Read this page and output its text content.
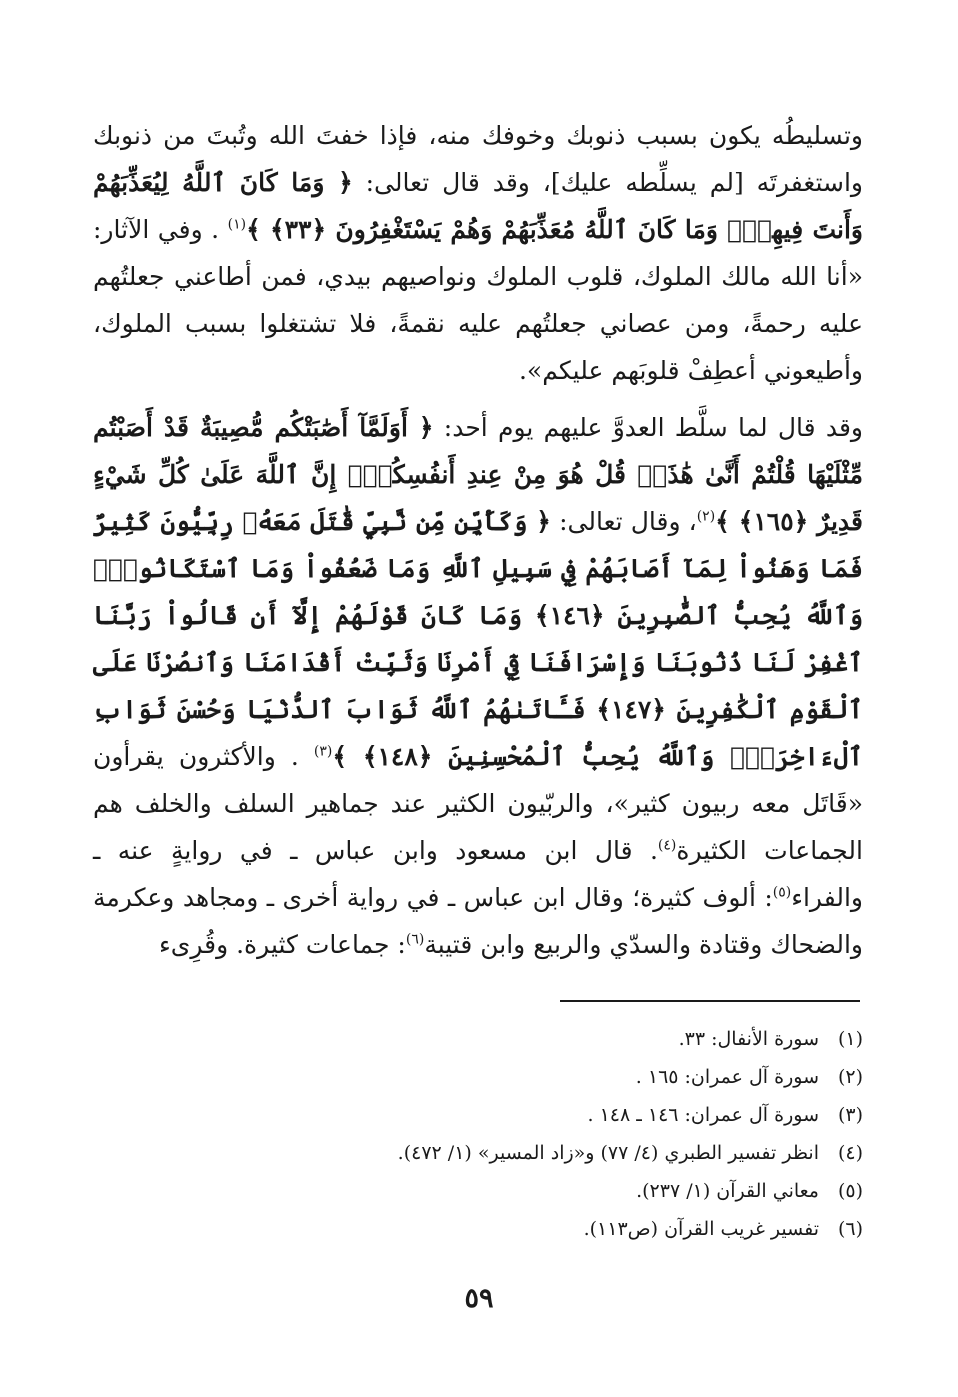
وتسليطُه يكون بسبب ذنوبك وخوفك منه، فإذا خفتَ الله وتُبتَ من ذنوبك واستغفرتَه [لم يسلِّطه عليك]، وقد قال تعالى: ﴿ وَمَا كَانَ ٱللَّهُ لِيُعَذِّبَهُمْ وَأَنتَ فِيهِمْۚ وَمَا كَانَ ٱللَّهُ مُعَذِّبَهُمْ وَهُمْ يَسْتَغْفِرُونَ ﴿٣٣﴾ ﴾$^{(١)}$ . وفي الآثار: «أنا الله مالك الملوك، قلوب الملوك ونواصيهم بيدي، فمن أطاعني جعلتُهم عليه رحمةً، ومن عصاني جعلتُهم عليه نقمةً، فلا تشتغلوا بسبب الملوك، وأطيعوني أعطِفْ قلوبَهم عليكم».

وقد قال لما سلَّط العدوَّ عليهم يوم أحد: ﴿ أَوَلَمَّآ أَصَٰبَتْكُم مُّصِيبَةٌ قَدْ أَصَبْتُم مِّثْلَيْهَا قُلْتُمْ أَنَّىٰ هَٰذَاۖ قُلْ هُوَ مِنْ عِندِ أَنفُسِكُمْۗ إِنَّ ٱللَّهَ عَلَىٰ كُلِّ شَيْءٍ قَدِيرٌ ﴿١٦٥﴾ ﴾$^{(٢)}$، وقال تعالى: ﴿ وَكَأَيِّن مِّن نَّبِيٍّ قَٰتَلَ مَعَهُۥ رِبِّيُّونَ كَثِيرٌ فَمَا وَهَنُواْ لِمَآ أَصَابَهُمْ فِي سَبِيلِ ٱللَّهِ وَمَا ضَعُفُواْ وَمَا ٱسْتَكَانُواْۗ وَٱللَّهُ يُحِبُّ ٱلصَّٰبِرِينَ ﴿١٤٦﴾ وَمَا كَانَ قَوْلَهُمْ إِلَّآ أَن قَالُواْ رَبَّنَا ٱغْفِرْ لَنَا ذُنُوبَنَا وَإِسْرَافَنَا فِيٓ أَمْرِنَا وَثَبِّتْ أَقْدَامَنَا وَٱنصُرْنَا عَلَى ٱلْقَوْمِ ٱلْكَٰفِرِينَ ﴿١٤٧﴾ فَـَٔاتَىٰهُمُ ٱللَّهُ ثَوَابَ ٱلدُّنْيَا وَحُسْنَ ثَوَابِ ٱلْءَاخِرَةِۗ وَٱللَّهُ يُحِبُّ ٱلْمُحْسِنِينَ ﴿١٤٨﴾ ﴾$^{(٣)}$ . والأكثرون يقرأون «قَاتَل معه ربيون كثير»، والربّيون الكثير عند جماهير السلف والخلف هم الجماعات الكثيرة$^{(٤)}$. قال ابن مسعود وابن عباس ـ في روايةٍ عنه ـ والفراء$^{(٥)}$: ألوف كثيرة؛ وقال ابن عباس ـ في رواية أخرى ـ ومجاهد وعكرمة والضحاك وقتادة والسدّي والربيع وابن قتيبة$^{(٦)}$: جماعات كثيرة. وقُرِىء

(١)
سورة الأنفال: ٣٣.
(٢)
سورة آل عمران: ١٦٥ .
(٣)
سورة آل عمران: ١٤٦ ـ ١٤٨ .
(٤)
انظر تفسير الطبري (٤/ ٧٧) و«زاد المسير» (١/ ٤٧٢).
(٥)
معاني القرآن (١/ ٢٣٧).
(٦)
تفسير غريب القرآن (ص١١٣).
٥٩
